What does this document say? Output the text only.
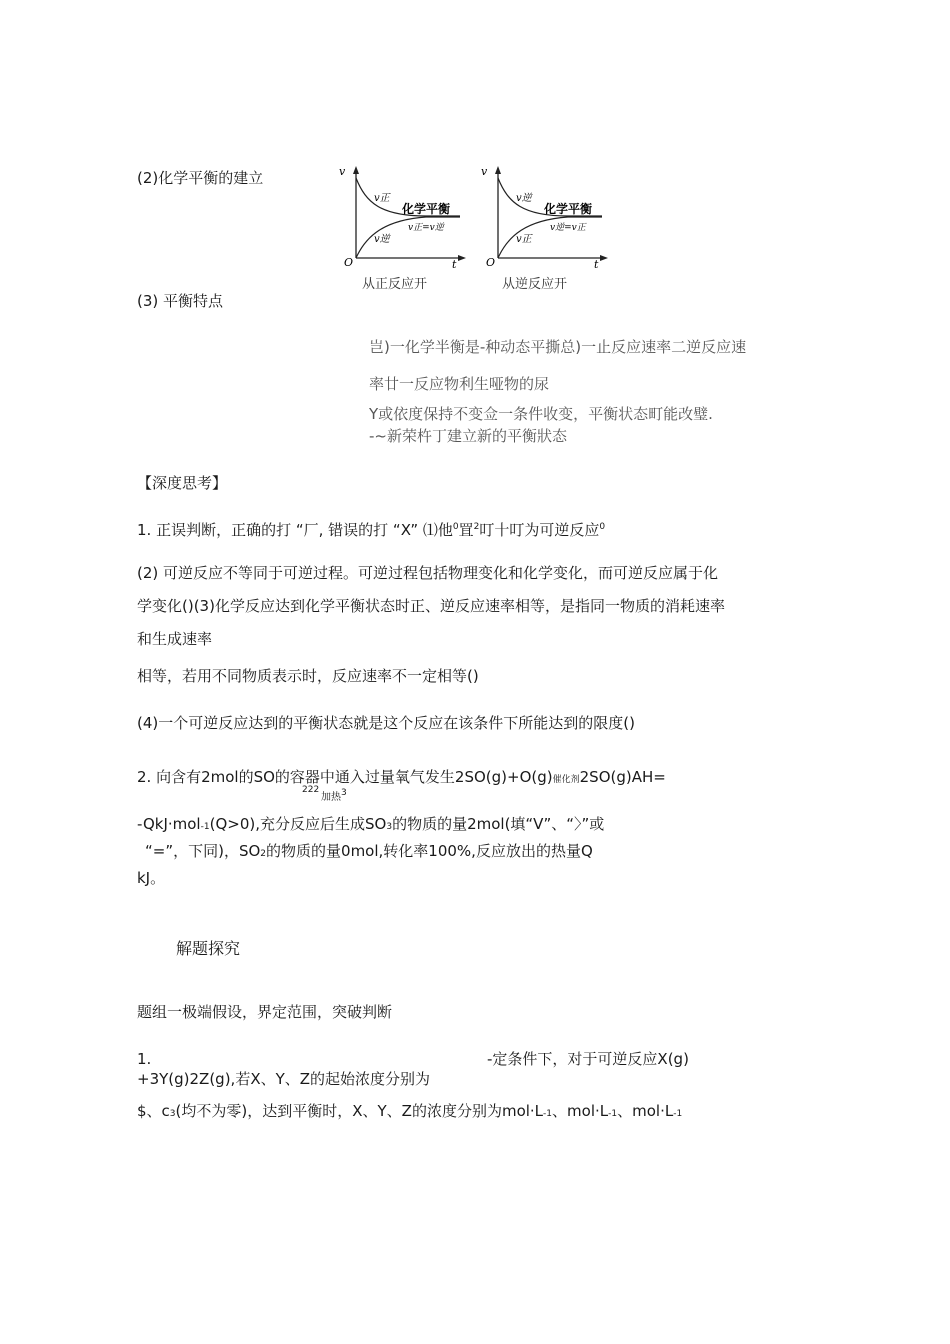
(2)化学平衡的建立	v
O	t
v正
v逆
化学平衡
v正=v逆
从正反应开
v
O	t
v逆
v正
化学平衡
v逆=v正
从逆反应开
(3) 平衡特点
岂)一化学半衡是-种动态平撕总)一止反应速率二逆反应速
率廿一反应物利生哑物的尿
Y或依度保持不变佥一条件收变，平衡状态町能改璧.
-~新荣杵丁建立新的平衡狀态
【深度思考】
1. 正误判断，正确的打 “厂, 错误的打 “X” ⑴他$^0$罝$^2$叮十叮为可逆反应$^0$
(2) 可逆反应不等同于可逆过程。可逆过程包括物理变化和化学变化，而可逆反应属于化
学变化()(3)化学反应达到化学平衡状态时正、逆反应速率相等，是指同一物质的消耗速率
和生成速率
相等，若用不同物质表示时，反应速率不一定相等()
(4)一个可逆反应达到的平衡状态就是这个反应在该条件下所能达到的限度()
2. 向含有2mol的SO的容器中通入过量氧气发生2SO(g)+O(g)催化剂2SO(g)AH=
222
加热3
-QkJ·mol-1(Q>0),充分反应后生成SO3的物质的量2mol(填“V”、“〉”或
“=”，下同)，SO2的物质的量0mol,转化率100%,反应放出的热量Q
kJ。
解题探究
题组一极端假设，界定范围，突破判断
1.	-定条件下，对于可逆反应X(g)
+3Y(g)2Z(g),若X、Y、Z的起始浓度分别为
$、c3(均不为零)，达到平衡时，X、Y、Z的浓度分别为mol·L-1、mol·L-1、mol·L-1
